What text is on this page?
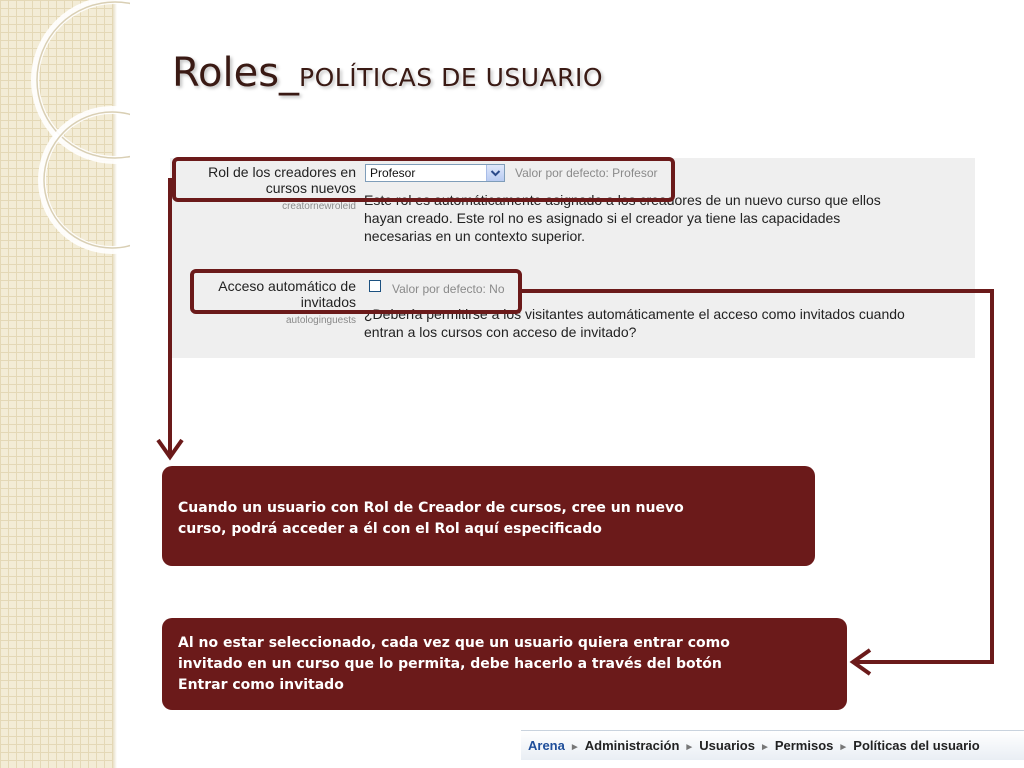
Roles_POLÍTICAS DE USUARIO
Rol de los creadores en
cursos nuevos
creatornewroleid
Profesor	Valor por defecto: Profesor
Este rol es automáticamente asignado a los creadores de un nuevo curso que ellos
hayan creado. Este rol no es asignado si el creador ya tiene las capacidades
necesarias en un contexto superior.
Acceso automático de
invitados
autologinguests
Valor por defecto: No
¿Debería permitirse a los visitantes automáticamente el acceso como invitados cuando
entran a los cursos con acceso de invitado?
Cuando un usuario con Rol de Creador de cursos, cree un nuevo
curso, podrá acceder a él con el Rol aquí especificado
Al no estar seleccionado, cada vez que un usuario quiera entrar como
invitado en un curso que lo permita, debe hacerlo a través del botón
Entrar como invitado
Arena ► Administración ► Usuarios ► Permisos ► Políticas del usuario
